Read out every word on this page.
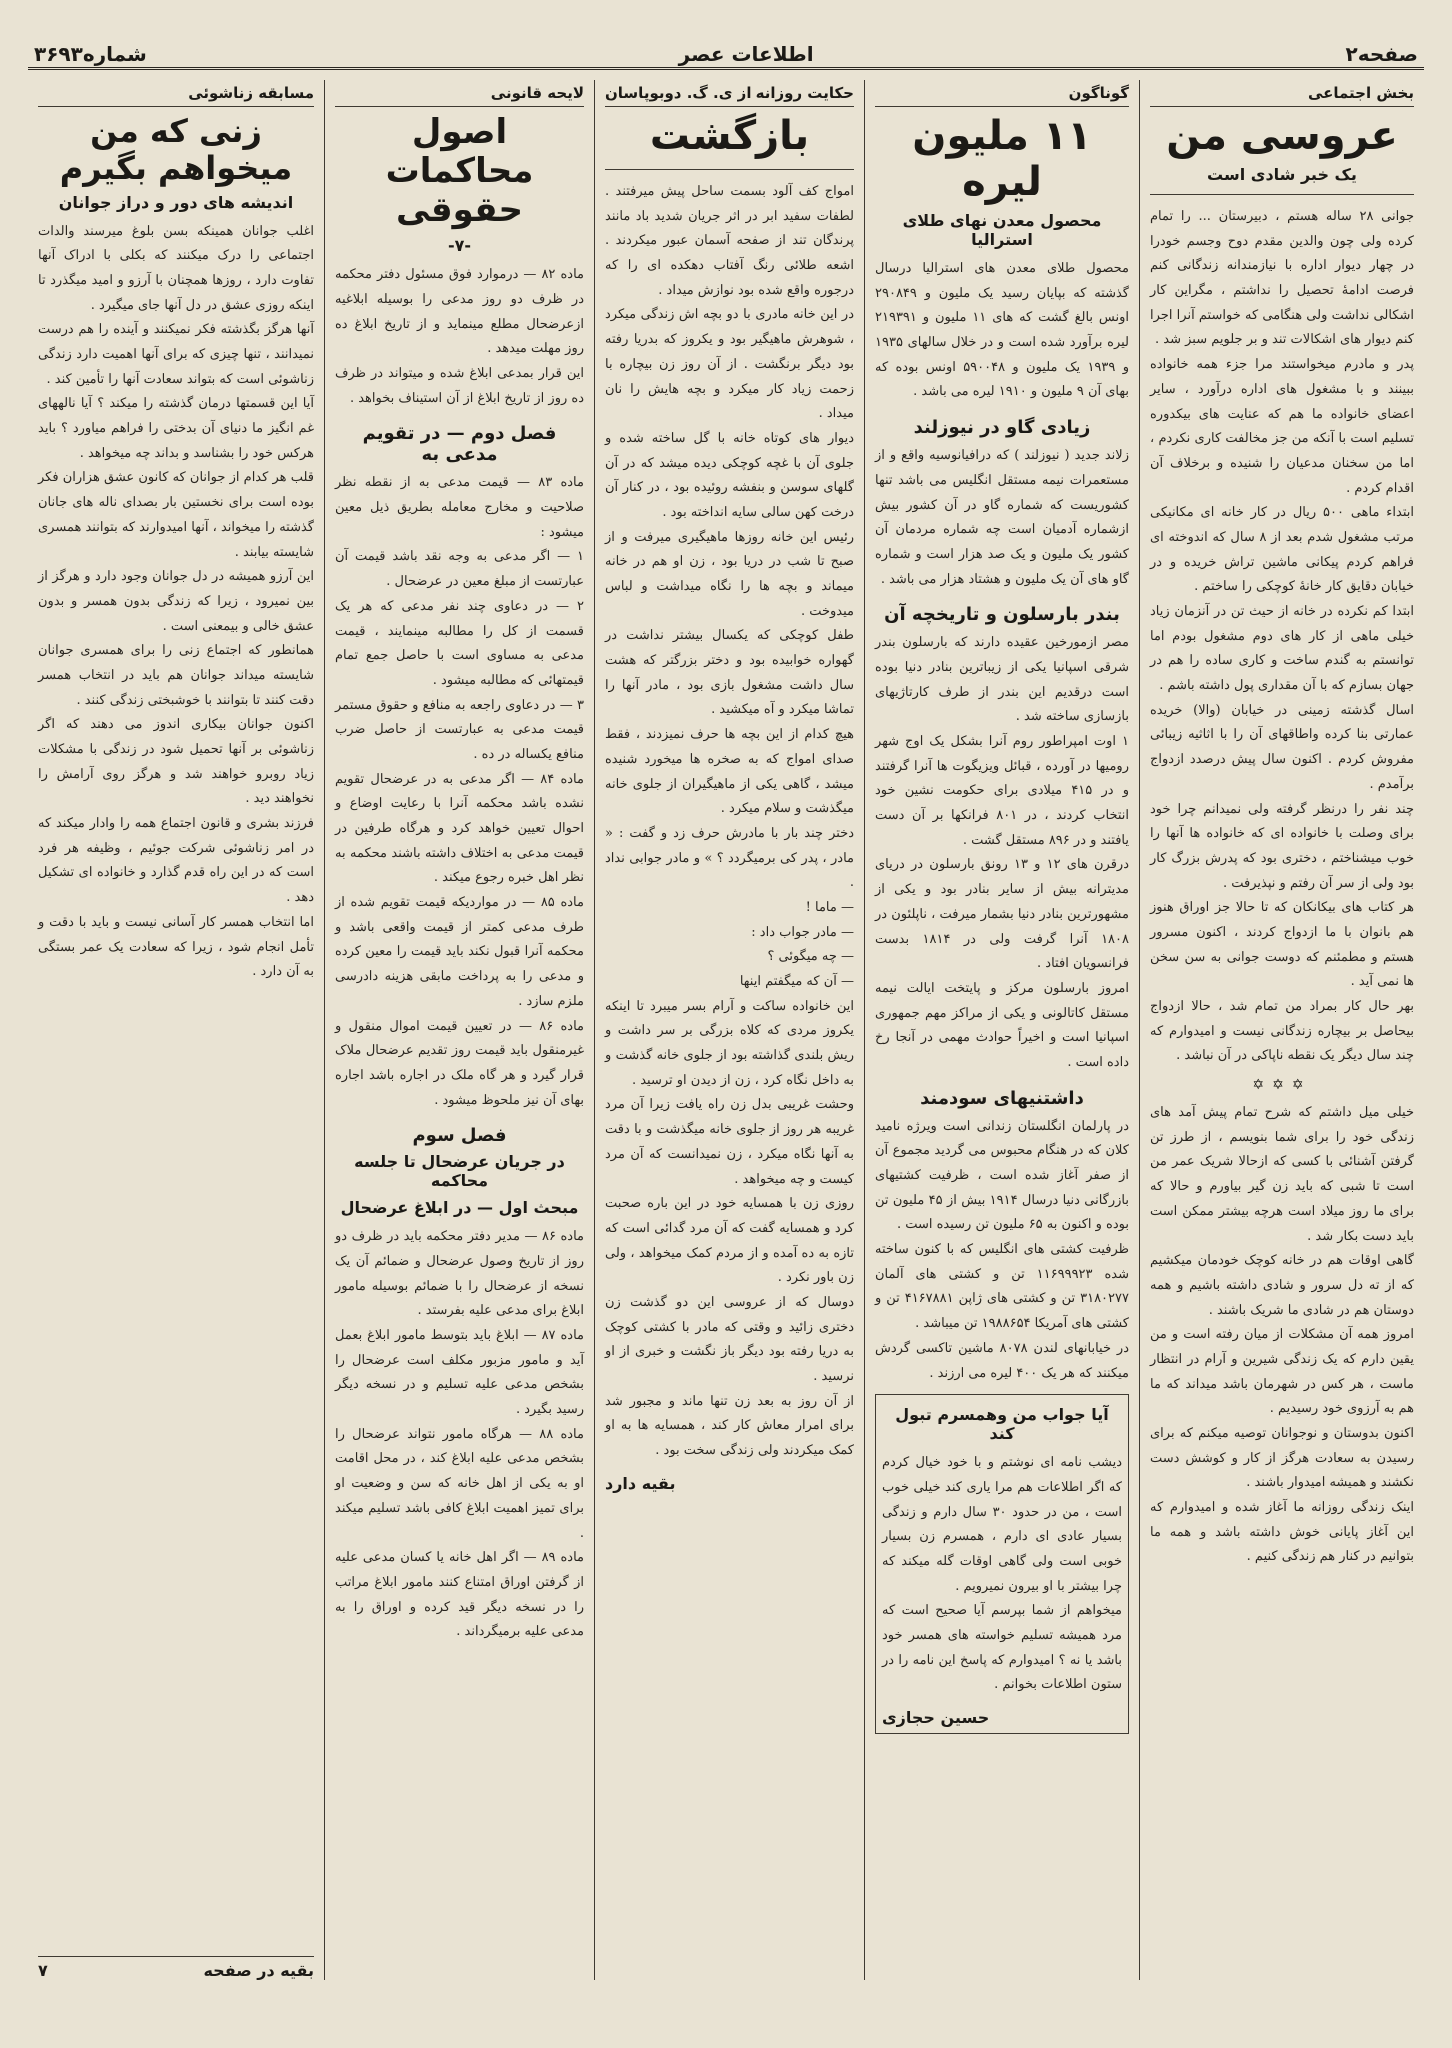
صفحه۲
اطلاعات عصر
شماره۳۶۹۳
بخش اجتماعی
عروسی من
یک خبر شادی است

جوانی ۲۸ ساله هستم ، دبیرستان ... را تمام کرده ولی چون والدین مقدم دوح وجسم خودرا در چهار دیوار اداره با نیازمندانه زندگانی کنم فرصت ادامهٔ تحصیل را نداشتم ، مگراین کار اشکالی نداشت ولی هنگامی که خواستم آنرا اجرا کنم دیوار های اشکالات تند و بر جلویم سبز شد .

پدر و مادرم میخواستند مرا جزء همه خانواده ببینند و با مشغول های اداره درآورد ، سایر اعضای خانواده ما هم که عنایت های بیکدوره تسلیم است با آنکه من جز مخالفت کاری نکردم ، اما من سخنان مدعیان را شنیده و برخلاف آن اقدام کردم .

ابتداء ماهی ۵۰۰ ریال در کار خانه ای مکانیکی مرتب مشغول شدم بعد از ۸ سال که اندوخته ای فراهم کردم پیکانی ماشین تراش خریده و در خیابان دقایق کار خانهٔ کوچکی را ساختم .

ابتدا کم نکرده در خانه از حیث تن در آنزمان زیاد خیلی ماهی از کار های دوم مشغول بودم اما توانستم به گندم ساخت و کاری ساده را هم در جهان بسازم که با آن مقداری پول داشته باشم .

اسال گذشته زمینی در خیابان (والا) خریده عمارتی بنا کرده واطاقهای آن را با اثاثیه زیبائی مفروش کردم . اکنون سال پیش درصدد ازدواج برآمدم .

چند نفر را درنظر گرفته ولی نمیدانم چرا خود برای وصلت با خانواده ای که خانواده ها آنها را خوب میشناختم ، دختری بود که پدرش بزرگ کار بود ولی از سر آن رفتم و نپذیرفت .

هر کتاب های بیکانکان که تا حالا جز اوراق هنوز هم بانوان با ما ازدواج کردند ، اکنون مسرور هستم و مطمئنم که دوست جوانی به سن سخن ها نمی آید .

بهر حال کار بمراد من تمام شد ، حالا ازدواج بیحاصل بر بیچاره زندگانی نیست و امیدوارم که چند سال دیگر یک نقطه ناپاکی در آن نباشد .

✡✡✡

خیلی میل داشتم که شرح تمام پیش آمد های زندگی خود را برای شما بنویسم ، از طرز تن گرفتن آشنائی با کسی که ازحالا شریک عمر من است تا شبی که باید زن گیر بیاورم و حالا که برای ما روز میلاد است هرچه بیشتر ممکن است باید دست بکار شد .

گاهی اوقات هم در خانه کوچک خودمان میکشیم که از ته دل سرور و شادی داشته باشیم و همه دوستان هم در شادی ما شریک باشند .

امروز همه آن مشکلات از میان رفته است و من یقین دارم که یک زندگی شیرین و آرام در انتظار ماست ، هر کس در شهرمان باشد میداند که ما هم به آرزوی خود رسیدیم .

اکنون بدوستان و نوجوانان توصیه میکنم که برای رسیدن به سعادت هرگز از کار و کوشش دست نکشند و همیشه امیدوار باشند .

اینک زندگی روزانه ما آغاز شده و امیدوارم که این آغاز پایانی خوش داشته باشد و همه ما بتوانیم در کنار هم زندگی کنیم .

گوناگون
۱۱ ملیون لیره
محصول معدن نهای طلای استرالیا

محصول طلای معدن های استرالیا درسال گذشته که بپایان رسید یک ملیون و ۲۹۰۸۴۹ اونس بالغ گشت که های ۱۱ ملیون و ۲۱۹۳۹۱ لیره برآورد شده است و در خلال سالهای ۱۹۳۵ و ۱۹۳۹ یک ملیون و ۵۹۰۰۴۸ اونس بوده که بهای آن ۹ ملیون و ۱۹۱۰ لیره می باشد .

زیادی گاو در نیوزلند

زلاند جدید ( نیوزلند ) که درافیانوسیه واقع و از مستعمرات نیمه مستقل انگلیس می باشد تنها کشوریست که شماره گاو در آن کشور بیش ازشماره آدمیان است چه شماره مردمان آن کشور یک ملیون و یک صد هزار است و شماره گاو های آن یک ملیون و هشتاد هزار می باشد .

بندر بارسلون و تاریخچه آن

مصر ازمورخین عقیده دارند که بارسلون بندر شرقی اسپانیا یکی از زیباترین بنادر دنیا بوده است درقدیم این بندر از طرف کارتاژیهای بازسازی ساخته شد .

۱ اوت امپراطور روم آنرا بشکل یک اوج شهر رومیها در آورده ، قبائل ویزیگوت ها آنرا گرفتند و در ۴۱۵ میلادی برای حکومت نشین خود انتخاب کردند ، در ۸۰۱ فرانکها بر آن دست یافتند و در ۸۹۶ مستقل گشت .

درقرن های ۱۲ و ۱۳ رونق بارسلون در دریای مدیترانه بیش از سایر بنادر بود و یکی از مشهورترین بنادر دنیا بشمار میرفت ، ناپلئون در ۱۸۰۸ آنرا گرفت ولی در ۱۸۱۴ بدست فرانسویان افتاد .

امروز بارسلون مرکز و پایتخت ایالت نیمه مستقل کاتالونی و یکی از مراکز مهم جمهوری اسپانیا است و اخیراً حوادث مهمی در آنجا رخ داده است .

داشتنیهای سودمند

در پارلمان انگلستان زندانی است ویرژه نامید کلان که در هنگام محبوس می گردید مجموع آن از صفر آغاز شده است ، ظرفیت کشتیهای بازرگانی دنیا درسال ۱۹۱۴ بیش از ۴۵ ملیون تن بوده و اکنون به ۶۵ ملیون تن رسیده است .

ظرفیت کشتی های انگلیس که با کنون ساخته شده ۱۱۶۹۹۹۲۳ تن و کشتی های آلمان ۳۱۸۰۲۷۷ تن و کشتی های ژاپن ۴۱۶۷۸۸۱ تن و کشتی های آمریکا ۱۹۸۸۶۵۴ تن میباشد .

در خیابانهای لندن ۸۰۷۸ ماشین تاکسی گردش میکنند که هر یک ۴۰۰ لیره می ارزند .

آیا جواب من وهمسرم تبول کند

دیشب نامه ای نوشتم و با خود خیال کردم که اگر اطلاعات هم مرا یاری کند خیلی خوب است ، من در حدود ۳۰ سال دارم و زندگی بسیار عادی ای دارم ، همسرم زن بسیار خوبی است ولی گاهی اوقات گله میکند که چرا بیشتر با او بیرون نمیرویم .

میخواهم از شما بپرسم آیا صحیح است که مرد همیشه تسلیم خواسته های همسر خود باشد یا نه ؟ امیدوارم که پاسخ این نامه را در ستون اطلاعات بخوانم .

حسین حجازی
حکایت روزانه
از ی. گ. دوبوپاسان
بازگشت

امواج کف آلود بسمت ساحل پیش میرفتند . لطفات سفید ابر در اثر جریان شدید باد مانند پرندگان تند از صفحه آسمان عبور میکردند . اشعه طلائی رنگ آفتاب دهکده ای را که درجوره واقع شده بود نوازش میداد .

در این خانه مادری با دو بچه اش زندگی میکرد ، شوهرش ماهیگیر بود و یکروز که بدریا رفته بود دیگر برنگشت . از آن روز زن بیچاره با زحمت زیاد کار میکرد و بچه هایش را نان میداد .

دیوار های کوتاه خانه با گل ساخته شده و جلوی آن با غچه کوچکی دیده میشد که در آن گلهای سوسن و بنفشه روئیده بود ، در کنار آن درخت کهن سالی سایه انداخته بود .

رئیس این خانه روزها ماهیگیری میرفت و از صبح تا شب در دریا بود ، زن او هم در خانه میماند و بچه ها را نگاه میداشت و لباس میدوخت .

طفل کوچکی که یکسال بیشتر نداشت در گهواره خوابیده بود و دختر بزرگتر که هشت سال داشت مشغول بازی بود ، مادر آنها را تماشا میکرد و آه میکشید .

هیچ کدام از این بچه ها حرف نمیزدند ، فقط صدای امواج که به صخره ها میخورد شنیده میشد ، گاهی یکی از ماهیگیران از جلوی خانه میگذشت و سلام میکرد .

دختر چند بار با مادرش حرف زد و گفت : « مادر ، پدر کی برمیگردد ؟ » و مادر جوابی نداد .

— ماما !

— مادر جواب داد :

— چه میگوئی ؟

— آن که میگفتم اینها

این خانواده ساکت و آرام بسر میبرد تا اینکه یکروز مردی که کلاه بزرگی بر سر داشت و ریش بلندی گذاشته بود از جلوی خانه گذشت و به داخل نگاه کرد ، زن از دیدن او ترسید .

وحشت غریبی بدل زن راه یافت زیرا آن مرد غریبه هر روز از جلوی خانه میگذشت و با دقت به آنها نگاه میکرد ، زن نمیدانست که آن مرد کیست و چه میخواهد .

روزی زن با همسایه خود در این باره صحبت کرد و همسایه گفت که آن مرد گدائی است که تازه به ده آمده و از مردم کمک میخواهد ، ولی زن باور نکرد .

دوسال که از عروسی این دو گذشت زن دختری زائید و وقتی که مادر با کشتی کوچک به دریا رفته بود دیگر باز نگشت و خبری از او نرسید .

از آن روز به بعد زن تنها ماند و مجبور شد برای امرار معاش کار کند ، همسایه ها به او کمک میکردند ولی زندگی سخت بود .

بقیه دارد
لایحه قانونی
اصول محاکمات حقوقی
-۷-

ماده ۸۲ — درموارد فوق مسئول دفتر محکمه در ظرف دو روز مدعی را بوسیله ابلاغیه ازعرضحال مطلع مینماید و از تاریخ ابلاغ ده روز مهلت میدهد .

این قرار بمدعی ابلاغ شده و میتواند در ظرف ده روز از تاریخ ابلاغ از آن استیناف بخواهد .

فصل دوم — در تقویم مدعی به

ماده ۸۳ — قیمت مدعی به از نقطه نظر صلاحیت و مخارج معامله بطریق ذیل معین میشود :

۱ — اگر مدعی به وجه نقد باشد قیمت آن عبارتست از مبلغ معین در عرضحال .

۲ — در دعاوی چند نفر مدعی که هر یک قسمت از کل را مطالبه مینمایند ، قیمت مدعی به مساوی است با حاصل جمع تمام قیمتهائی که مطالبه میشود .

۳ — در دعاوی راجعه به منافع و حقوق مستمر قیمت مدعی به عبارتست از حاصل ضرب منافع یکساله در ده .

ماده ۸۴ — اگر مدعی به در عرضحال تقویم نشده باشد محکمه آنرا با رعایت اوضاع و احوال تعیین خواهد کرد و هرگاه طرفین در قیمت مدعی به اختلاف داشته باشند محکمه به نظر اهل خبره رجوع میکند .

ماده ۸۵ — در مواردیکه قیمت تقویم شده از طرف مدعی کمتر از قیمت واقعی باشد و محکمه آنرا قبول نکند باید قیمت را معین کرده و مدعی را به پرداخت مابقی هزینه دادرسی ملزم سازد .

ماده ۸۶ — در تعیین قیمت اموال منقول و غیرمنقول باید قیمت روز تقدیم عرضحال ملاک قرار گیرد و هر گاه ملک در اجاره باشد اجاره بهای آن نیز ملحوظ میشود .

فصل سوم
در جریان عرضحال تا جلسه محاکمه
مبحث اول — در ابلاغ عرضحال

ماده ۸۶ — مدیر دفتر محکمه باید در ظرف دو روز از تاریخ وصول عرضحال و ضمائم آن یک نسخه از عرضحال را با ضمائم بوسیله مامور ابلاغ برای مدعی علیه بفرستد .

ماده ۸۷ — ابلاغ باید بتوسط مامور ابلاغ بعمل آید و مامور مزبور مکلف است عرضحال را بشخص مدعی علیه تسلیم و در نسخه دیگر رسید بگیرد .

ماده ۸۸ — هرگاه مامور نتواند عرضحال را بشخص مدعی علیه ابلاغ کند ، در محل اقامت او به یکی از اهل خانه که سن و وضعیت او برای تمیز اهمیت ابلاغ کافی باشد تسلیم میکند .

ماده ۸۹ — اگر اهل خانه یا کسان مدعی علیه از گرفتن اوراق امتناع کنند مامور ابلاغ مراتب را در نسخه دیگر قید کرده و اوراق را به مدعی علیه برمیگرداند .

مسابقه زناشوئی
زنی که من میخواهم بگیرم
اندیشه های دور و دراز جوانان

اغلب جوانان همینکه بسن بلوغ میرسند والدات اجتماعی را درک میکنند که بکلی با ادراک آنها تفاوت دارد ، روزها همچنان با آرزو و امید میگذرد تا اینکه روزی عشق در دل آنها جای میگیرد .

آنها هرگز بگذشته فکر نمیکنند و آینده را هم درست نمیدانند ، تنها چیزی که برای آنها اهمیت دارد زندگی زناشوئی است که بتواند سعادت آنها را تأمین کند .

آیا این قسمتها درمان گذشته را میکند ؟ آیا نالههای غم انگیز ما دنیای آن بدختی را فراهم میاورد ؟ باید هرکس خود را بشناسد و بداند چه میخواهد .

قلب هر کدام از جوانان که کانون عشق هزاران فکر بوده است برای نخستین بار بصدای ناله های جانان گذشته را میخواند ، آنها امیدوارند که بتوانند همسری شایسته بیابند .

این آرزو همیشه در دل جوانان وجود دارد و هرگز از بین نمیرود ، زیرا که زندگی بدون همسر و بدون عشق خالی و بیمعنی است .

همانطور که اجتماع زنی را برای همسری جوانان شایسته میداند جوانان هم باید در انتخاب همسر دقت کنند تا بتوانند با خوشبختی زندگی کنند .

اکنون جوانان بیکاری اندوز می دهند که اگر زناشوئی بر آنها تحمیل شود در زندگی با مشکلات زیاد روبرو خواهند شد و هرگز روی آرامش را نخواهند دید .

فرزند بشری و قانون اجتماع همه را وادار میکند که در امر زناشوئی شرکت جوئیم ، وظیفه هر فرد است که در این راه قدم گذارد و خانواده ای تشکیل دهد .

اما انتخاب همسر کار آسانی نیست و باید با دقت و تأمل انجام شود ، زیرا که سعادت یک عمر بستگی به آن دارد .

بقیه در صفحه
۷
